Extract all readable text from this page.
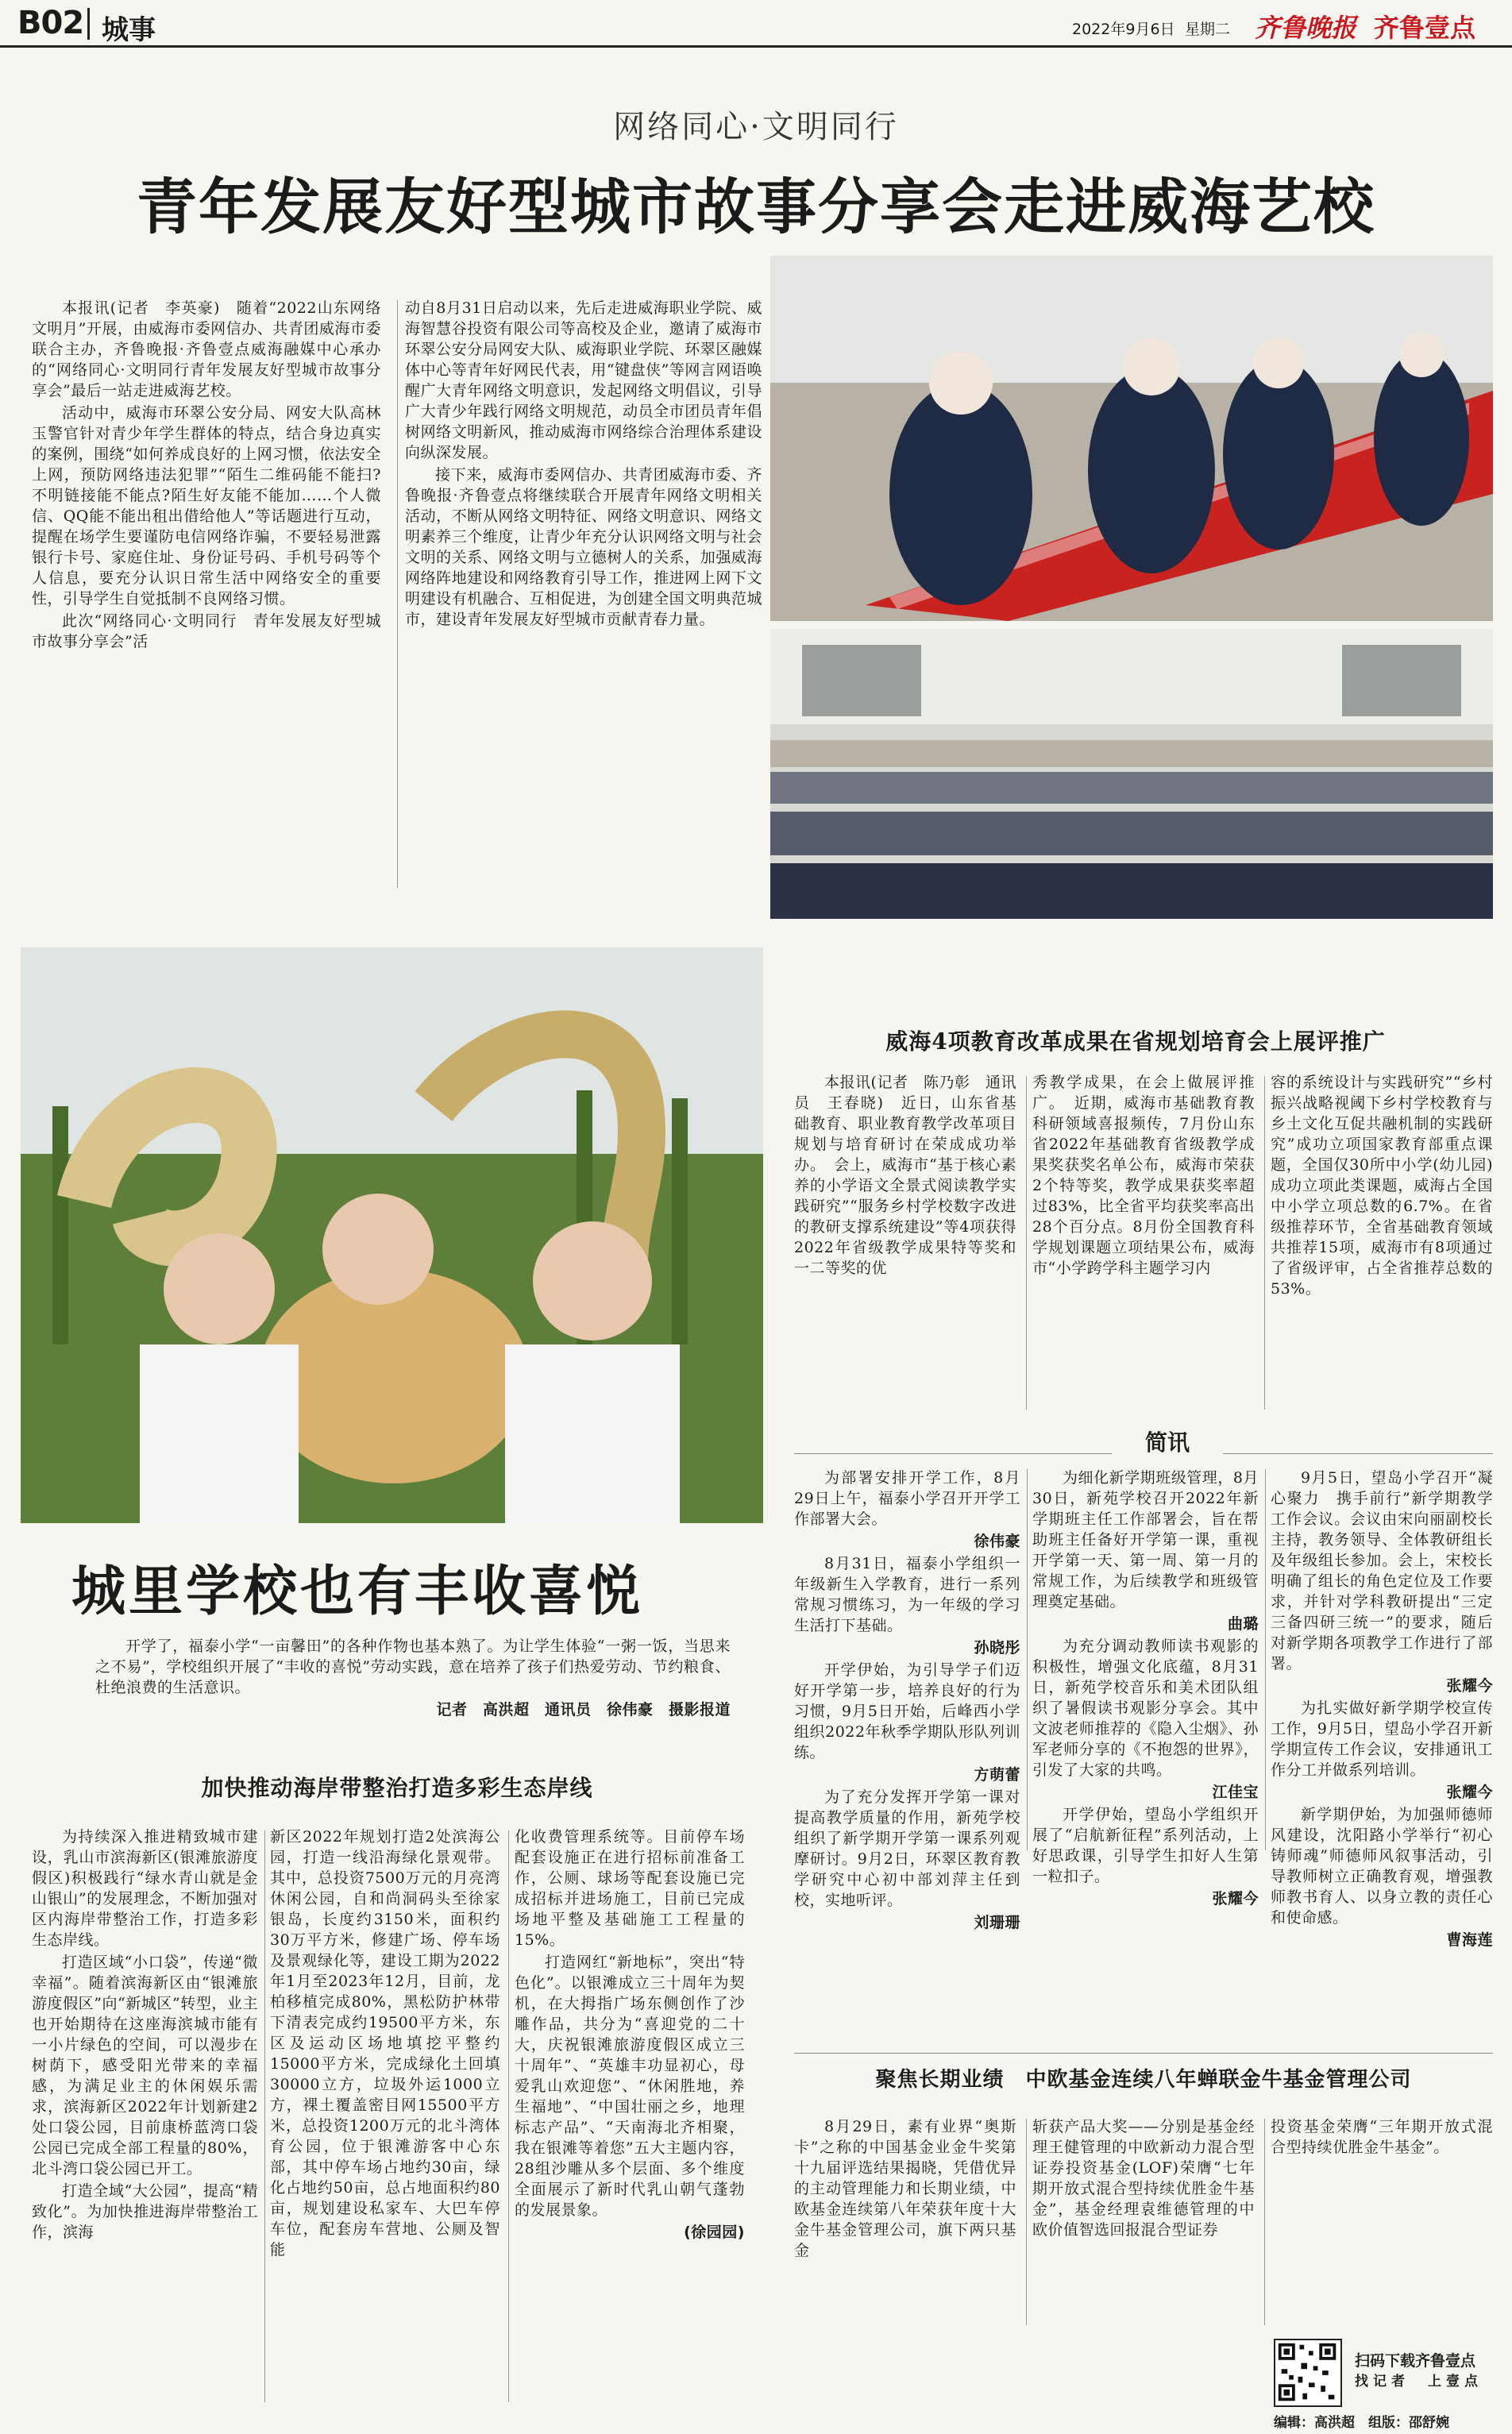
B02 城事	2022年9月6日 星期二 齐鲁晚报 齐鲁壹点
网络同心·文明同行
青年发展友好型城市故事分享会走进威海艺校

本报讯(记者　李英豪)　随着“2022山东网络文明月”开展，由威海市委网信办、共青团威海市委联合主办，齐鲁晚报·齐鲁壹点威海融媒中心承办的“网络同心·文明同行青年发展友好型城市故事分享会”最后一站走进威海艺校。

活动中，威海市环翠公安分局、网安大队高林玉警官针对青少年学生群体的特点，结合身边真实的案例，围绕“如何养成良好的上网习惯，依法安全上网，预防网络违法犯罪”“陌生二维码能不能扫?不明链接能不能点?陌生好友能不能加……个人微信、QQ能不能出租出借给他人”等话题进行互动，提醒在场学生要谨防电信网络诈骗，不要轻易泄露银行卡号、家庭住址、身份证号码、手机号码等个人信息，要充分认识日常生活中网络安全的重要性，引导学生自觉抵制不良网络习惯。

此次“网络同心·文明同行　青年发展友好型城市故事分享会”活

动自8月31日启动以来，先后走进威海职业学院、威海智慧谷投资有限公司等高校及企业，邀请了威海市环翠公安分局网安大队、威海职业学院、环翠区融媒体中心等青年好网民代表，用“键盘侠”等网言网语唤醒广大青年网络文明意识，发起网络文明倡议，引导广大青少年践行网络文明规范，动员全市团员青年倡树网络文明新风，推动威海市网络综合治理体系建设向纵深发展。

接下来，威海市委网信办、共青团威海市委、齐鲁晚报·齐鲁壹点将继续联合开展青年网络文明相关活动，不断从网络文明特征、网络文明意识、网络文明素养三个维度，让青少年充分认识网络文明与社会文明的关系、网络文明与立德树人的关系，加强威海网络阵地建设和网络教育引导工作，推进网上网下文明建设有机融合、互相促进，为创建全国文明典范城市，建设青年发展友好型城市贡献青春力量。

城里学校也有丰收喜悦

开学了，福泰小学“一亩馨田”的各种作物也基本熟了。为让学生体验“一粥一饭，当思来之不易”，学校组织开展了“丰收的喜悦”劳动实践，意在培养了孩子们热爱劳动、节约粮食、杜绝浪费的生活意识。

记者　高洪超　通讯员　徐伟豪　摄影报道

加快推动海岸带整治打造多彩生态岸线

为持续深入推进精致城市建设，乳山市滨海新区(银滩旅游度假区)积极践行“绿水青山就是金山银山”的发展理念，不断加强对区内海岸带整治工作，打造多彩生态岸线。

打造区域“小口袋”，传递“微幸福”。随着滨海新区由“银滩旅游度假区”向“新城区”转型，业主也开始期待在这座海滨城市能有一小片绿色的空间，可以漫步在树荫下，感受阳光带来的幸福感，为满足业主的休闲娱乐需求，滨海新区2022年计划新建2处口袋公园，目前康桥蓝湾口袋公园已完成全部工程量的80%，北斗湾口袋公园已开工。

打造全域“大公园”，提高“精致化”。为加快推进海岸带整治工作，滨海

新区2022年规划打造2处滨海公园，打造一线沿海绿化景观带。其中，总投资7500万元的月亮湾休闲公园，自和尚洞码头至徐家银岛，长度约3150米，面积约30万平方米，修建广场、停车场及景观绿化等，建设工期为2022年1月至2023年12月，目前，龙柏移植完成80%，黑松防护林带下清表完成约19500平方米，东区及运动区场地填挖平整约15000平方米，完成绿化土回填30000立方，垃圾外运1000立方，裸土覆盖密目网15500平方米，总投资1200万元的北斗湾体育公园，位于银滩游客中心东部，其中停车场占地约30亩，绿化占地约50亩，总占地面积约80亩，规划建设私家车、大巴车停车位，配套房车营地、公厕及智能

化收费管理系统等。目前停车场配套设施正在进行招标前准备工作，公厕、球场等配套设施已完成招标并进场施工，目前已完成场地平整及基础施工工程量的15%。

打造网红“新地标”，突出“特色化”。以银滩成立三十周年为契机，在大拇指广场东侧创作了沙雕作品，共分为“喜迎党的二十大，庆祝银滩旅游度假区成立三十周年”、“英雄丰功显初心，母爱乳山欢迎您”、“休闲胜地，养生福地”、“中国壮丽之乡，地理标志产品”、“天南海北齐相聚，我在银滩等着您”五大主题内容，28组沙雕从多个层面、多个维度全面展示了新时代乳山朝气蓬勃的发展景象。

(徐园园)

威海4项教育改革成果在省规划培育会上展评推广

本报讯(记者　陈乃彰　通讯员　王春晓)　近日，山东省基础教育、职业教育教学改革项目规划与培育研讨在荣成成功举办。　会上，威海市“基于核心素养的小学语文全景式阅读教学实践研究”“服务乡村学校数字改进的教研支撑系统建设”等4项获得2022年省级教学成果特等奖和一二等奖的优

秀教学成果，在会上做展评推广。　近期，威海市基础教育教科研领域喜报频传，7月份山东省2022年基础教育省级教学成果奖获奖名单公布，威海市荣获2个特等奖，教学成果获奖率超过83%，比全省平均获奖率高出28个百分点。8月份全国教育科学规划课题立项结果公布，威海市“小学跨学科主题学习内

容的系统设计与实践研究”“乡村振兴战略视阈下乡村学校教育与乡土文化互促共融机制的实践研究”成功立项国家教育部重点课题，全国仅30所中小学(幼儿园)成功立项此类课题，威海占全国中小学立项总数的6.7%。在省级推荐环节，全省基础教育领域共推荐15项，威海市有8项通过了省级评审，占全省推荐总数的53%。

简讯

为部署安排开学工作，8月29日上午，福泰小学召开开学工作部署大会。

徐伟豪

8月31日，福泰小学组织一年级新生入学教育，进行一系列常规习惯练习，为一年级的学习生活打下基础。

孙晓彤

开学伊始，为引导学子们迈好开学第一步，培养良好的行为习惯，9月5日开始，后峰西小学组织2022年秋季学期队形队列训练。

方萌蕾

为了充分发挥开学第一课对提高教学质量的作用，新苑学校组织了新学期开学第一课系列观摩研讨。9月2日，环翠区教育教学研究中心初中部刘萍主任到校，实地听评。

刘珊珊

为细化新学期班级管理，8月30日，新苑学校召开2022年新学期班主任工作部署会，旨在帮助班主任备好开学第一课，重视开学第一天、第一周、第一月的常规工作，为后续教学和班级管理奠定基础。

曲璐

为充分调动教师读书观影的积极性，增强文化底蕴，8月31日，新苑学校音乐和美术团队组织了暑假读书观影分享会。其中文波老师推荐的《隐入尘烟》、孙军老师分享的《不抱怨的世界》，引发了大家的共鸣。

江佳宝

开学伊始，望岛小学组织开展了“启航新征程”系列活动，上好思政课，引导学生扣好人生第一粒扣子。

张耀今

9月5日，望岛小学召开“凝心聚力　携手前行”新学期教学工作会议。会议由宋向丽副校长主持，教务领导、全体教研组长及年级组长参加。会上，宋校长明确了组长的角色定位及工作要求，并针对学科教研提出“三定三备四研三统一”的要求，随后对新学期各项教学工作进行了部署。

张耀今

为扎实做好新学期学校宣传工作，9月5日，望岛小学召开新学期宣传工作会议，安排通讯工作分工并做系列培训。

张耀今

新学期伊始，为加强师德师风建设，沈阳路小学举行“初心铸师魂”师德师风叙事活动，引导教师树立正确教育观，增强教师教书育人、以身立教的责任心和使命感。

曹海莲

聚焦长期业绩　中欧基金连续八年蝉联金牛基金管理公司

8月29日，素有业界“奥斯卡”之称的中国基金业金牛奖第十九届评选结果揭晓，凭借优异的主动管理能力和长期业绩，中欧基金连续第八年荣获年度十大金牛基金管理公司，旗下两只基金

斩获产品大奖——分别是基金经理王健管理的中欧新动力混合型证券投资基金(LOF)荣膺“七年期开放式混合型持续优胜金牛基金”，基金经理袁维德管理的中欧价值智选回报混合型证券

投资基金荣膺“三年期开放式混合型持续优胜金牛基金”。

扫码下载齐鲁壹点
找记者　上壹点
编辑：高洪超　组版：邵舒婉
